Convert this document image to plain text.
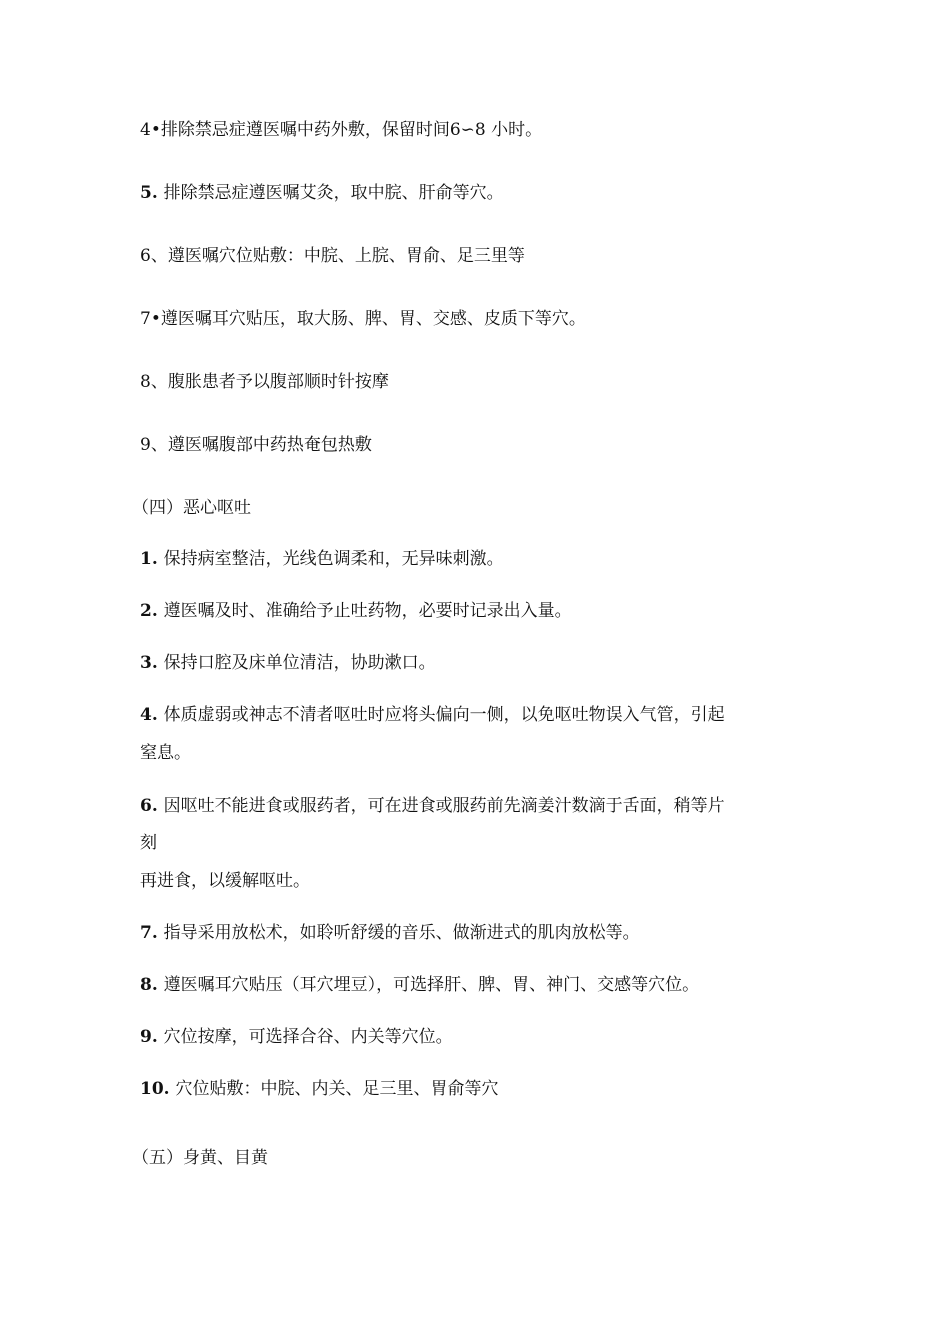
4•排除禁忌症遵医嘱中药外敷，保留时间6∽8 小时。

5. 排除禁忌症遵医嘱艾灸，取中脘、肝俞等穴。

6、遵医嘱穴位贴敷：中脘、上脘、胃俞、足三里等

7•遵医嘱耳穴贴压，取大肠、脾、胃、交感、皮质下等穴。

8、腹胀患者予以腹部顺时针按摩

9、遵医嘱腹部中药热奄包热敷

（四）恶心呕吐

1. 保持病室整洁，光线色调柔和，无异味刺激。

2. 遵医嘱及时、准确给予止吐药物，必要时记录出入量。

3. 保持口腔及床单位清洁，协助漱口。

4. 体质虚弱或神志不清者呕吐时应将头偏向一侧，以免呕吐物误入气管，引起

窒息。

6. 因呕吐不能进食或服药者，可在进食或服药前先滴姜汁数滴于舌面，稍等片

刻

再进食，以缓解呕吐。

7. 指导采用放松术，如聆听舒缓的音乐、做渐进式的肌肉放松等。

8. 遵医嘱耳穴贴压（耳穴埋豆），可选择肝、脾、胃、神门、交感等穴位。

9. 穴位按摩，可选择合谷、内关等穴位。

10. 穴位贴敷：中脘、内关、足三里、胃俞等穴

（五）身黄、目黄
